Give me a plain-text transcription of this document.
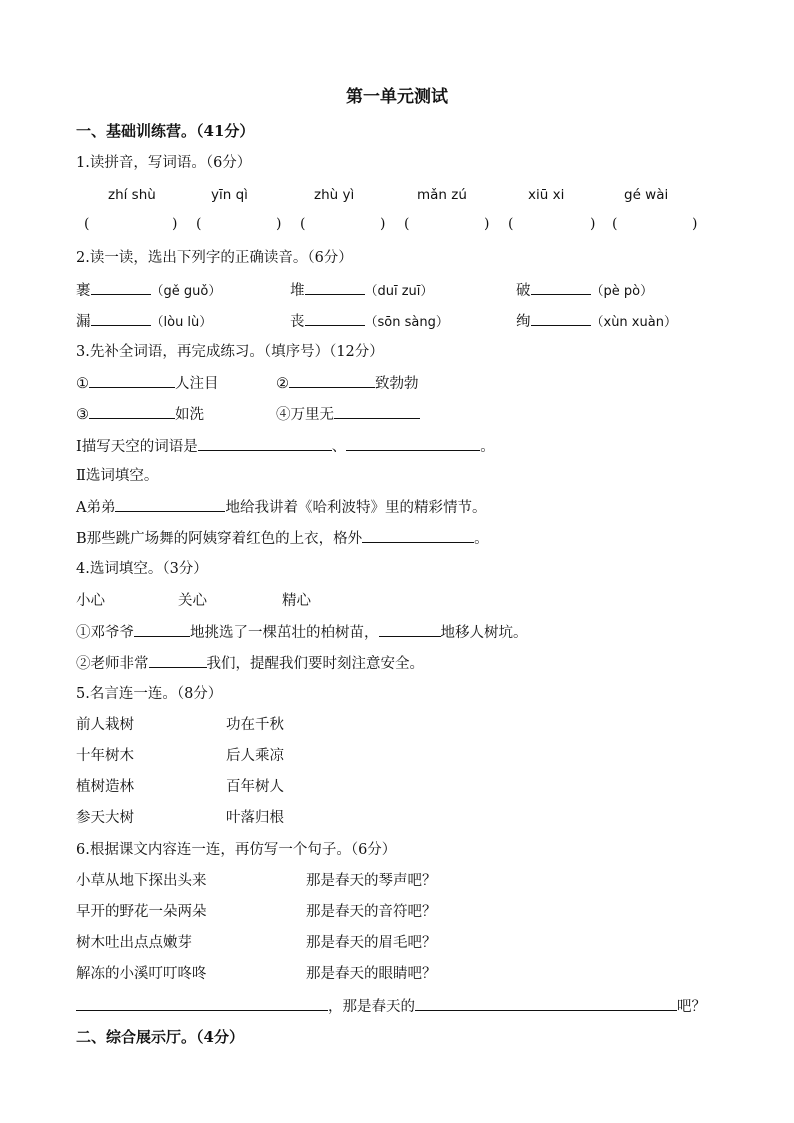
第一单元测试
一、基础训练营。（41分）
1.读拼音，写词语。（6分）
zhí shù	yīn qì	zhù yì	mǎn zú	xiū xi	gé wài
(	) (	) (	) (	) (	) (	)
2.读一读，选出下列字的正确读音。（6分）
裹	（gě guǒ）	堆	（duī zuī）	破	（pè pò）
漏	（lòu lù）	丧	（sōn sàng）	绚	（xùn xuàn）
3.先补全词语，再完成练习。（填序号）（12分）
①	人注目	②	致勃勃
③	如洗	④万里无
Ⅰ描写天空的词语是	、	。
Ⅱ选词填空。
A弟弟	地给我讲着《哈利波特》里的精彩情节。
B那些跳广场舞的阿姨穿着红色的上衣，格外	。
4.选词填空。（3分）
小心	关心	精心
①邓爷爷	地挑选了一棵茁壮的柏树苗，	地移人树坑。
②老师非常	我们，提醒我们要时刻注意安全。
5.名言连一连。（8分）
前人栽树	功在千秋
十年树木	后人乘凉
植树造林	百年树人
参天大树	叶落归根
6.根据课文内容连一连，再仿写一个句子。（6分）
小草从地下探出头来	那是春天的琴声吧？
早开的野花一朵两朵	那是春天的音符吧？
树木吐出点点嫩芽	那是春天的眉毛吧？
解冻的小溪叮叮咚咚	那是春天的眼睛吧？
，那是春天的	吧？
二、综合展示厅。（4分）
